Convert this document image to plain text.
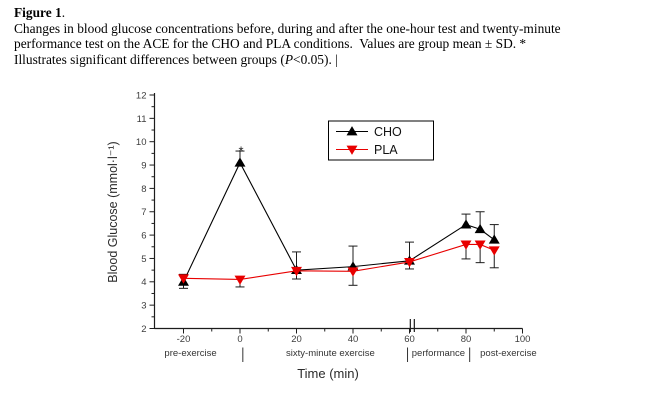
Figure 1.
Changes in blood glucose concentrations before, during and after the one-hour test and twenty-minute
performance test on the ACE for the CHO and PLA conditions.  Values are group mean ± SD. *
Illustrates significant differences between groups (P<0.05). |
2
3
4
5
6
7
8
9
10
11
12
-20	0	20	40	60	80	100
*
CHO
PLA
pre-exercise	sixty-minute exercise	performance post-exercise
Time (min)
Blood Glucose (mmol·l⁻¹)
